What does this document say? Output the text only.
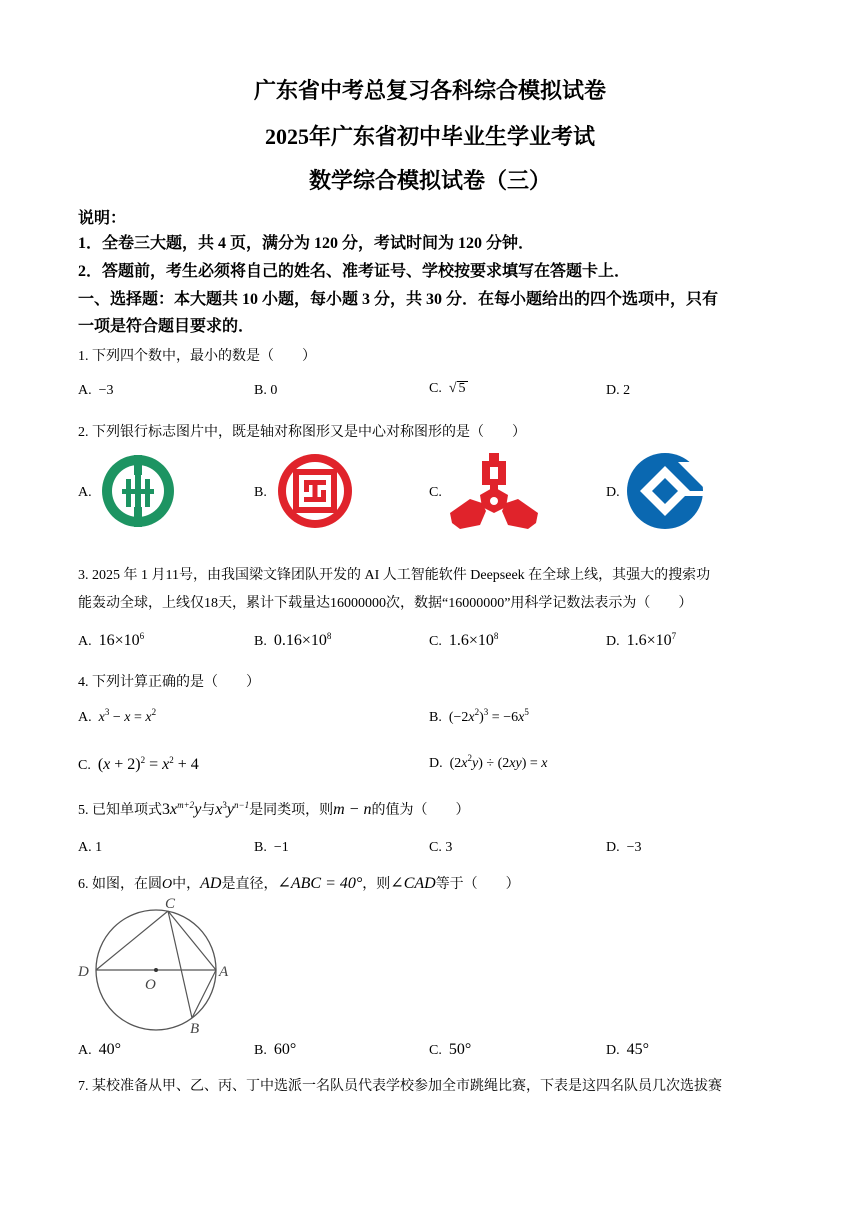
广东省中考总复习各科综合模拟试卷
2025年广东省初中毕业生学业考试
数学综合模拟试卷（三）
说明：
1．全卷三大题，共 4 页，满分为 120 分，考试时间为 120 分钟．
2．答题前，考生必须将自己的姓名、准考证号、学校按要求填写在答题卡上．
一、选择题：本大题共 10 小题，每小题 3 分，共 30 分．在每小题给出的四个选项中，只有
一项是符合题目要求的．
1. 下列四个数中，最小的数是（　　）
A. −3	B. 0	C.  √ 5	D. 2
2. 下列银行标志图片中，既是轴对称图形又是中心对称图形的是（　　）
A.	B.	C.	D.
3. 2025 年 1 月11号，由我国梁文锋团队开发的 AI 人工智能软件 Deepseek 在全球上线，其强大的搜索功
能轰动全球，上线仅18天，累计下载量达16000000次，数据“16000000”用科学记数法表示为（　　）
A. $16\times 10^6$	B. $0.16\times 10^8$	C. $1.6\times 10^8$	D. $1.6\times 10^7$
4. 下列计算正确的是（　　）
A. $x^3 - x = x^2$	B.  $(-2x^2)^3 = -6x^5$
C. $(x + 2)^2 = x^2 + 4$	D.  $(2x^2y) \div (2xy) = x$
5. 已知单项式$3x^{m+2}y$与$x^3y^{n-1}$是同类项，则m − n的值为（　　）
A. 1	B. −1	C. 3	D. −3
6. 如图，在圆O中，AD是直径，∠ABC = 40°，则∠CAD等于（　　）
C
D	A
O
B
A. 40°	B. 60°	C. 50°	D. 45°
7. 某校准备从甲、乙、丙、丁中选派一名队员代表学校参加全市跳绳比赛，下表是这四名队员几次选拔赛
